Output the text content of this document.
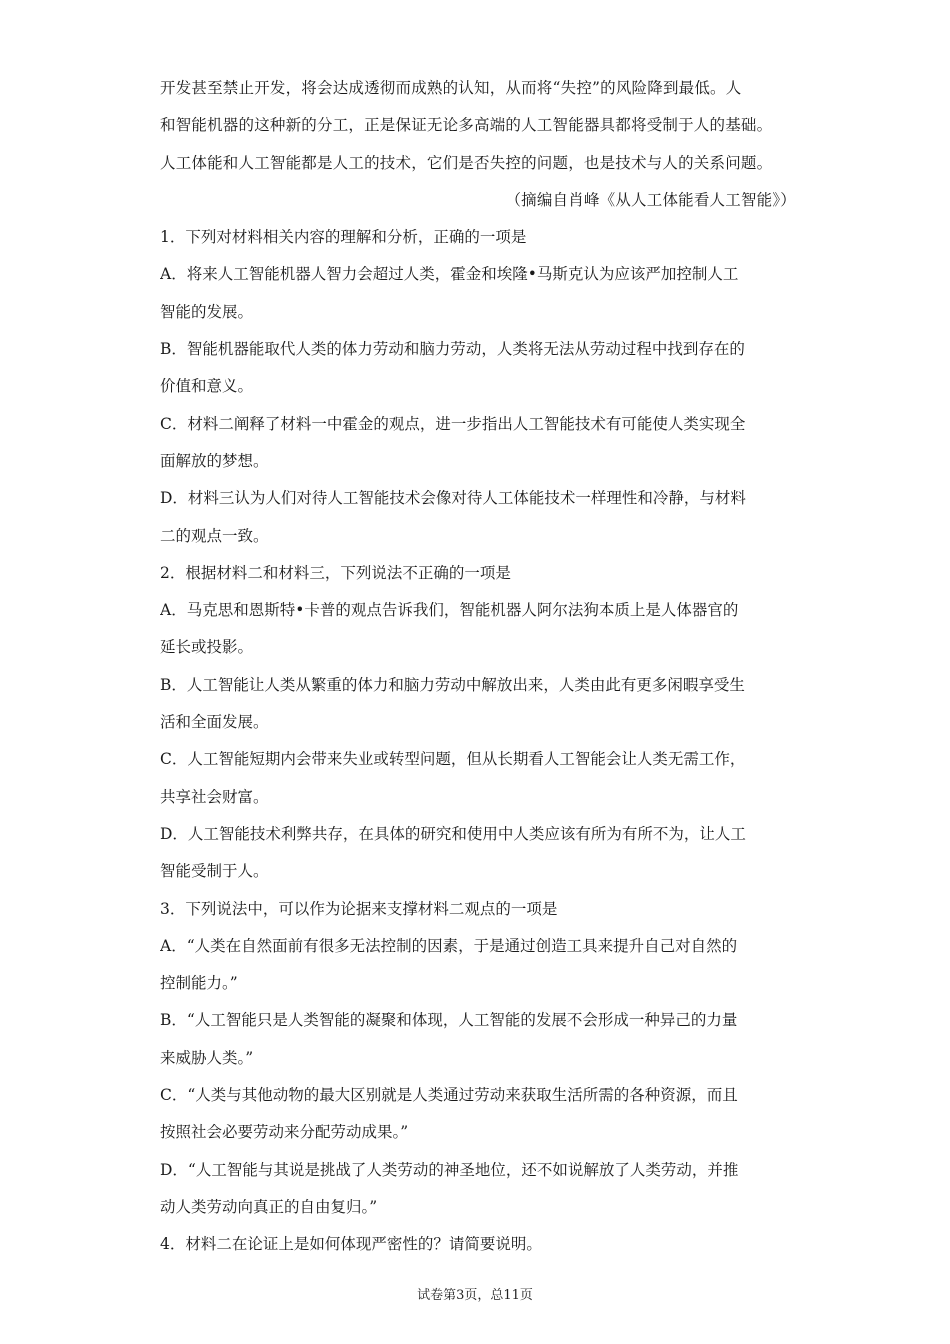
开发甚至禁止开发，将会达成透彻而成熟的认知，从而将“失控”的风险降到最低。人
和智能机器的这种新的分工，正是保证无论多高端的人工智能器具都将受制于人的基础。
人工体能和人工智能都是人工的技术，它们是否失控的问题，也是技术与人的关系问题。
（摘编自肖峰《从人工体能看人工智能》）
1．下列对材料相关内容的理解和分析，正确的一项是
A．将来人工智能机器人智力会超过人类，霍金和埃隆•马斯克认为应该严加控制人工
智能的发展。
B．智能机器能取代人类的体力劳动和脑力劳动，人类将无法从劳动过程中找到存在的
价值和意义。
C．材料二阐释了材料一中霍金的观点，进一步指出人工智能技术有可能使人类实现全
面解放的梦想。
D．材料三认为人们对待人工智能技术会像对待人工体能技术一样理性和冷静，与材料
二的观点一致。
2．根据材料二和材料三，下列说法不正确的一项是
A．马克思和恩斯特•卡普的观点告诉我们，智能机器人阿尔法狗本质上是人体器官的
延长或投影。
B．人工智能让人类从繁重的体力和脑力劳动中解放出来，人类由此有更多闲暇享受生
活和全面发展。
C．人工智能短期内会带来失业或转型问题，但从长期看人工智能会让人类无需工作，
共享社会财富。
D．人工智能技术利弊共存，在具体的研究和使用中人类应该有所为有所不为，让人工
智能受制于人。
3．下列说法中，可以作为论据来支撑材料二观点的一项是
A．“人类在自然面前有很多无法控制的因素，于是通过创造工具来提升自己对自然的
控制能力。”
B．“人工智能只是人类智能的凝聚和体现，人工智能的发展不会形成一种异己的力量
来威胁人类。”
C．“人类与其他动物的最大区别就是人类通过劳动来获取生活所需的各种资源，而且
按照社会必要劳动来分配劳动成果。”
D．“人工智能与其说是挑战了人类劳动的神圣地位，还不如说解放了人类劳动，并推
动人类劳动向真正的自由复归。”
4．材料二在论证上是如何体现严密性的？请简要说明。
试卷第3页，总11页
